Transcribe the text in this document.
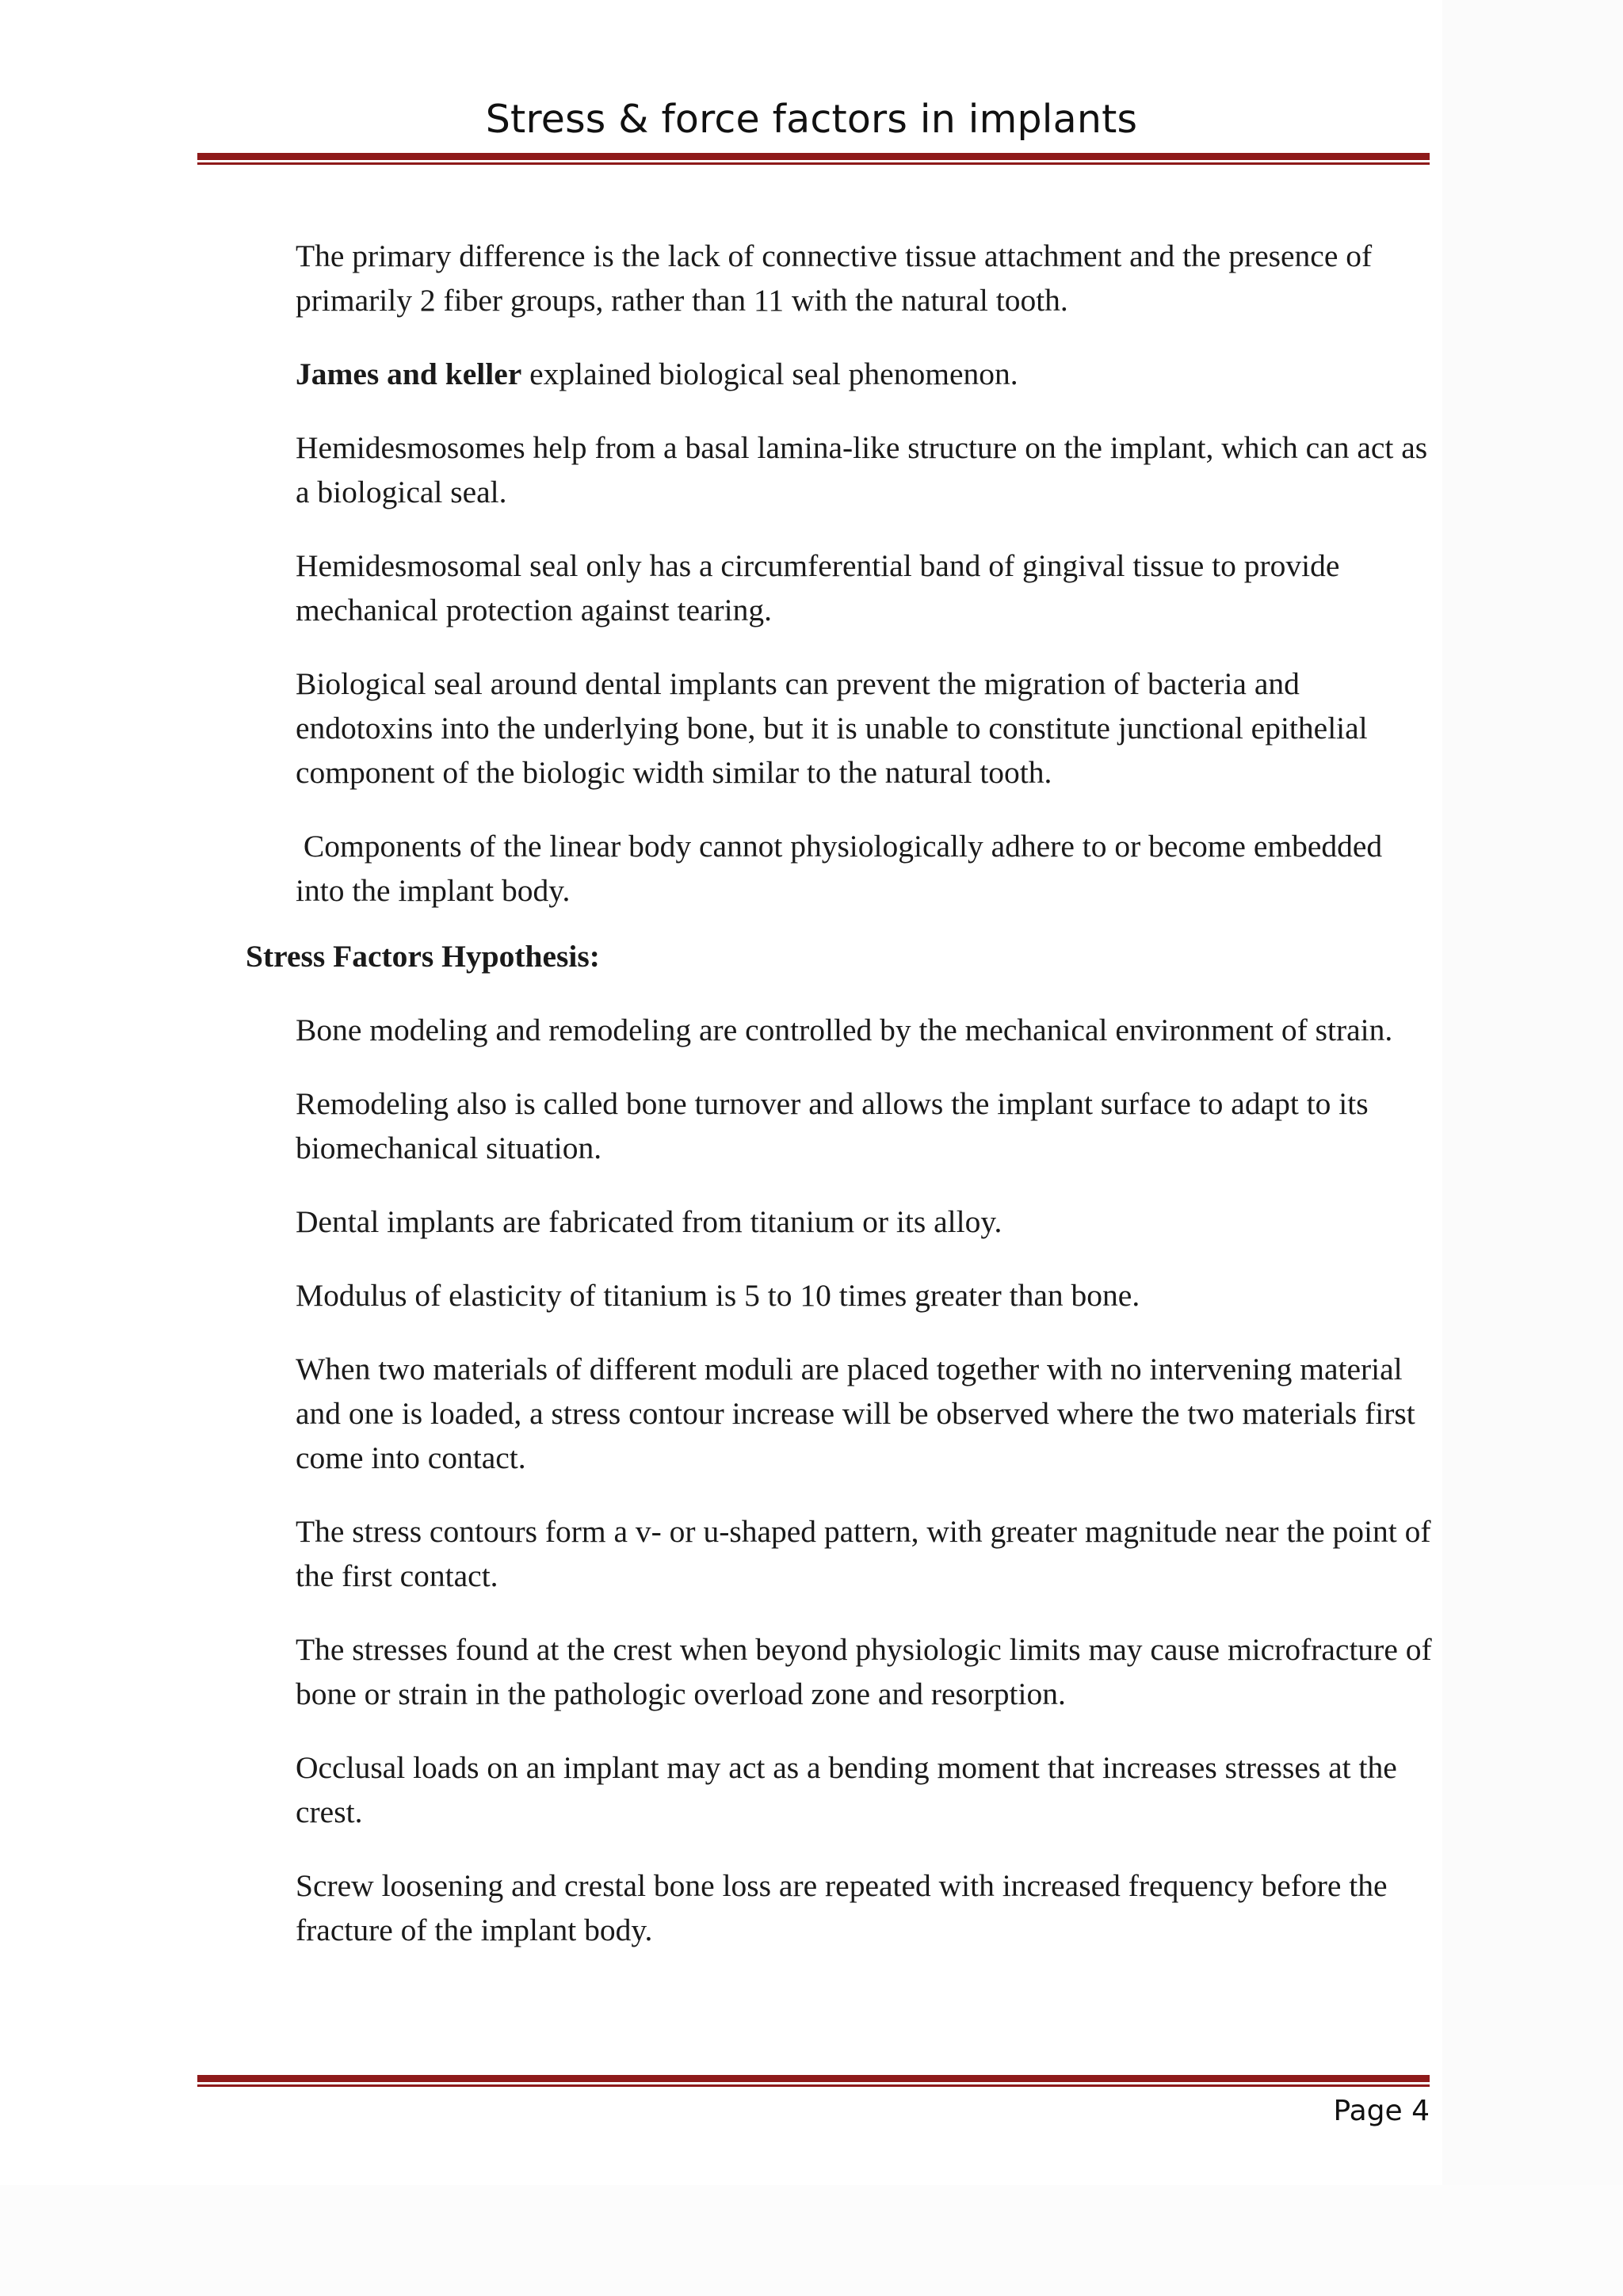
Stress & force factors in implants
The primary difference is the lack of connective tissue attachment and the presence of primarily 2 fiber groups, rather than 11 with the natural tooth.
James and keller explained biological seal phenomenon.
Hemidesmosomes help from a basal lamina-like structure on the implant, which can act as a biological seal.
Hemidesmosomal seal only has a circumferential band of gingival tissue to provide mechanical protection against tearing.
Biological seal around dental implants can prevent the migration of bacteria and endotoxins into the underlying bone, but it is unable to constitute junctional epithelial component of the biologic width similar to the natural tooth.
Components of the linear body cannot physiologically adhere to or become embedded into the implant body.
Stress Factors Hypothesis:
Bone modeling and remodeling are controlled by the mechanical environment of strain.
Remodeling also is called bone turnover and allows the implant surface to adapt to its biomechanical situation.
Dental implants are fabricated from titanium or its alloy.
Modulus of elasticity of titanium is 5 to 10 times greater than bone.
When two materials of different moduli are placed together with no intervening material and one is loaded, a stress contour increase will be observed where the two materials first come into contact.
The stress contours form a v- or u-shaped pattern, with greater magnitude near the point of the first contact.
The stresses found at the crest when beyond physiologic limits may cause microfracture of bone or strain in the pathologic overload zone and resorption.
Occlusal loads on an implant may act as a bending moment that increases stresses at the crest.
Screw loosening and crestal bone loss are repeated with increased frequency before the fracture of the implant body.
Page 4
